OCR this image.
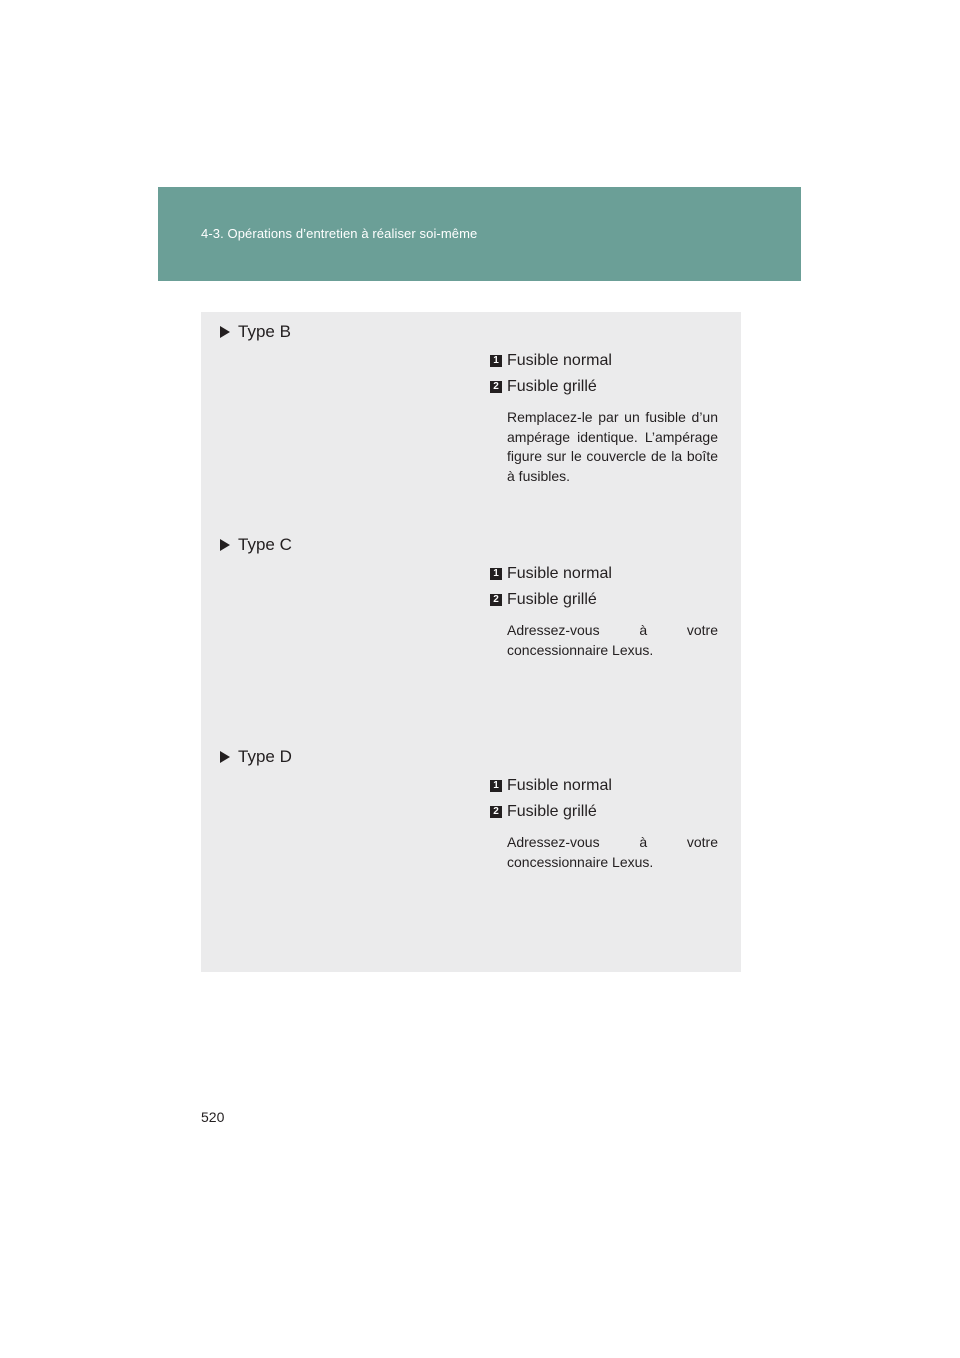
4-3. Opérations d’entretien à réaliser soi-même
Type B
1 Fusible normal
2 Fusible grillé

Remplacez-le par un fusible d’un ampérage identique. L’ampérage figure sur le couvercle de la boîte à fusibles.

Type C
1 Fusible normal
2 Fusible grillé

Adressez-vous à votre concessionnaire Lexus.

Type D
1 Fusible normal
2 Fusible grillé

Adressez-vous à votre concessionnaire Lexus.

520
